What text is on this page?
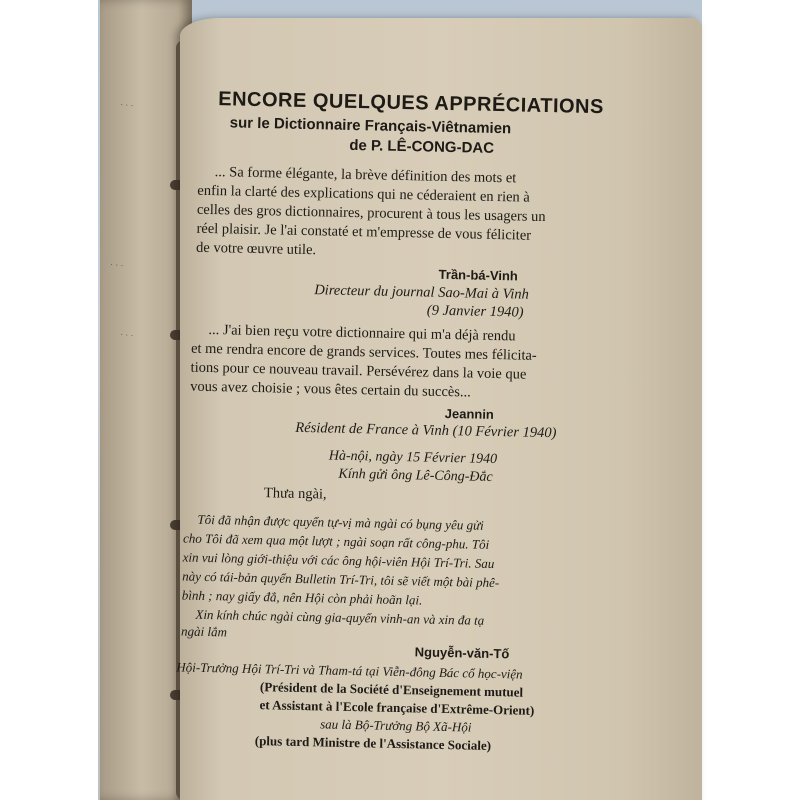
· · ·
· · ·
· · ·
ENCORE QUELQUES APPRÉCIATIONS
sur le Dictionnaire Français-Viêtnamien
de P. LÊ-CONG-DAC
... Sa forme élégante, la brève définition des mots et
enfin la clarté des explications qui ne céderaient en rien à
celles des gros dictionnaires, procurent à tous les usagers un
réel plaisir. Je l'ai constaté et m'empresse de vous féliciter
de votre œuvre utile.
Trần-bá-Vinh
Directeur du journal Sao-Mai à Vinh
(9 Janvier 1940)
... J'ai bien reçu votre dictionnaire qui m'a déjà rendu
et me rendra encore de grands services. Toutes mes félicita-
tions pour ce nouveau travail. Persévérez dans la voie que
vous avez choisie ; vous êtes certain du succès...
Jeannin
Résident de France à Vinh (10 Février 1940)
Hà-nội, ngày 15 Février 1940
Kính gửi ông Lê-Công-Đắc
Thưa ngài,
Tôi đã nhận được quyển tự-vị mà ngài có bụng yêu gửi
cho Tôi đã xem qua một lượt ; ngài soạn rất công-phu. Tôi
xin vui lòng giới-thiệu với các ông hội-viên Hội Trí-Tri. Sau
này có tái-bản quyển Bulletin Trí-Tri, tôi sẽ viết một bài phê-
bình ; nay giấy đắ, nên Hội còn phải hoãn lại.
Xin kính chúc ngài cùng gia-quyến vinh-an và xin đa tạ
ngài lắm
Nguyễn-văn-Tố
Hội-Trưởng Hội Trí-Tri và Tham-tá tại Viễn-đông Bác cổ học-viện
(Président de la Société d'Enseignement mutuel
et Assistant à l'Ecole française d'Extrême-Orient)
sau là Bộ-Trưởng Bộ Xã-Hội
(plus tard Ministre de l'Assistance Sociale)
